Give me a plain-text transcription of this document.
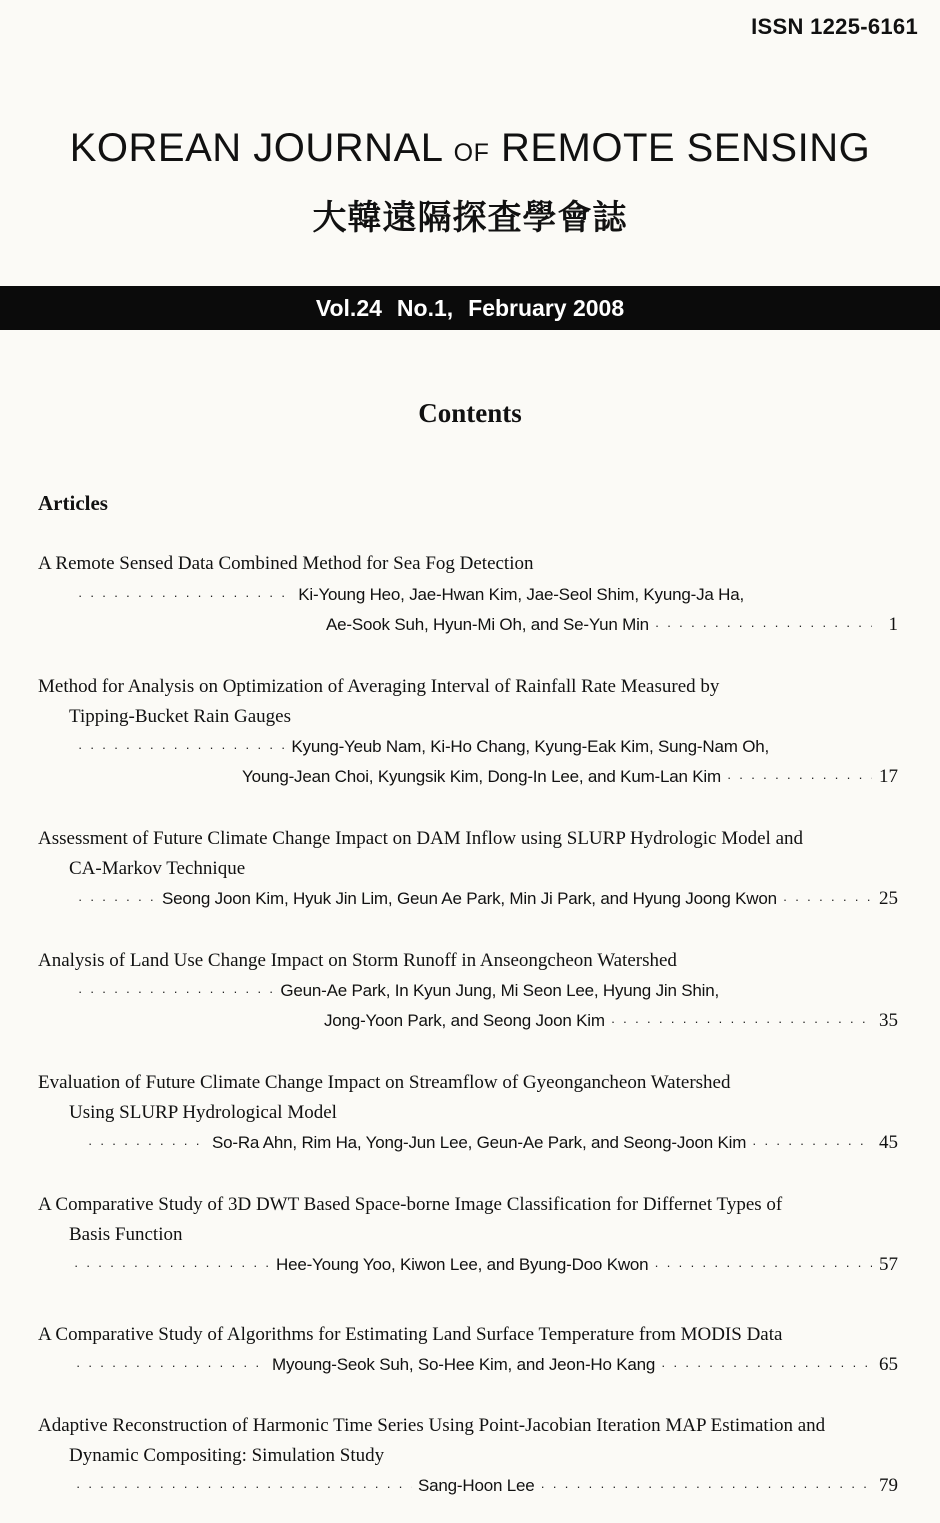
ISSN 1225-6161
KOREAN JOURNAL OF REMOTE SENSING
大韓遠隔探査學會誌
Vol.24 No.1, February 2008
Contents
Articles
A Remote Sensed Data Combined Method for Sea Fog Detection
· · ·
Ki-Young Heo, Jae-Hwan Kim, Jae-Seol Shim, Kyung-Ja Ha,
Ae-Sook Suh, Hyun-Mi Oh, and Se-Yun Min · · ·	1
Method for Analysis on Optimization of Averaging Interval of Rainfall Rate Measured by
Tipping-Bucket Rain Gauges
· · ·
Kyung-Yeub Nam, Ki-Ho Chang, Kyung-Eak Kim, Sung-Nam Oh,
Young-Jean Choi, Kyungsik Kim, Dong-In Lee, and Kum-Lan Kim · · ·	17
Assessment of Future Climate Change Impact on DAM Inflow using SLURP Hydrologic Model and
CA-Markov Technique
· · ·
Seong Joon Kim, Hyuk Jin Lim, Geun Ae Park, Min Ji Park, and Hyung Joong Kwon · · ·	25
Analysis of Land Use Change Impact on Storm Runoff in Anseongcheon Watershed
· · ·
Geun-Ae Park, In Kyun Jung, Mi Seon Lee, Hyung Jin Shin,
Jong-Yoon Park, and Seong Joon Kim · · ·	35
Evaluation of Future Climate Change Impact on Streamflow of Gyeongancheon Watershed
Using SLURP Hydrological Model
· · ·
So-Ra Ahn, Rim Ha, Yong-Jun Lee, Geun-Ae Park, and Seong-Joon Kim · · ·	45
A Comparative Study of 3D DWT Based Space-borne Image Classification for Differnet Types of
Basis Function
· · ·
Hee-Young Yoo, Kiwon Lee, and Byung-Doo Kwon · · ·	57
A Comparative Study of Algorithms for Estimating Land Surface Temperature from MODIS Data
· · ·
Myoung-Seok Suh, So-Hee Kim, and Jeon-Ho Kang · · ·	65
Adaptive Reconstruction of Harmonic Time Series Using Point-Jacobian Iteration MAP Estimation and
Dynamic Compositing: Simulation Study
· · ·
Sang-Hoon Lee · · ·	79
